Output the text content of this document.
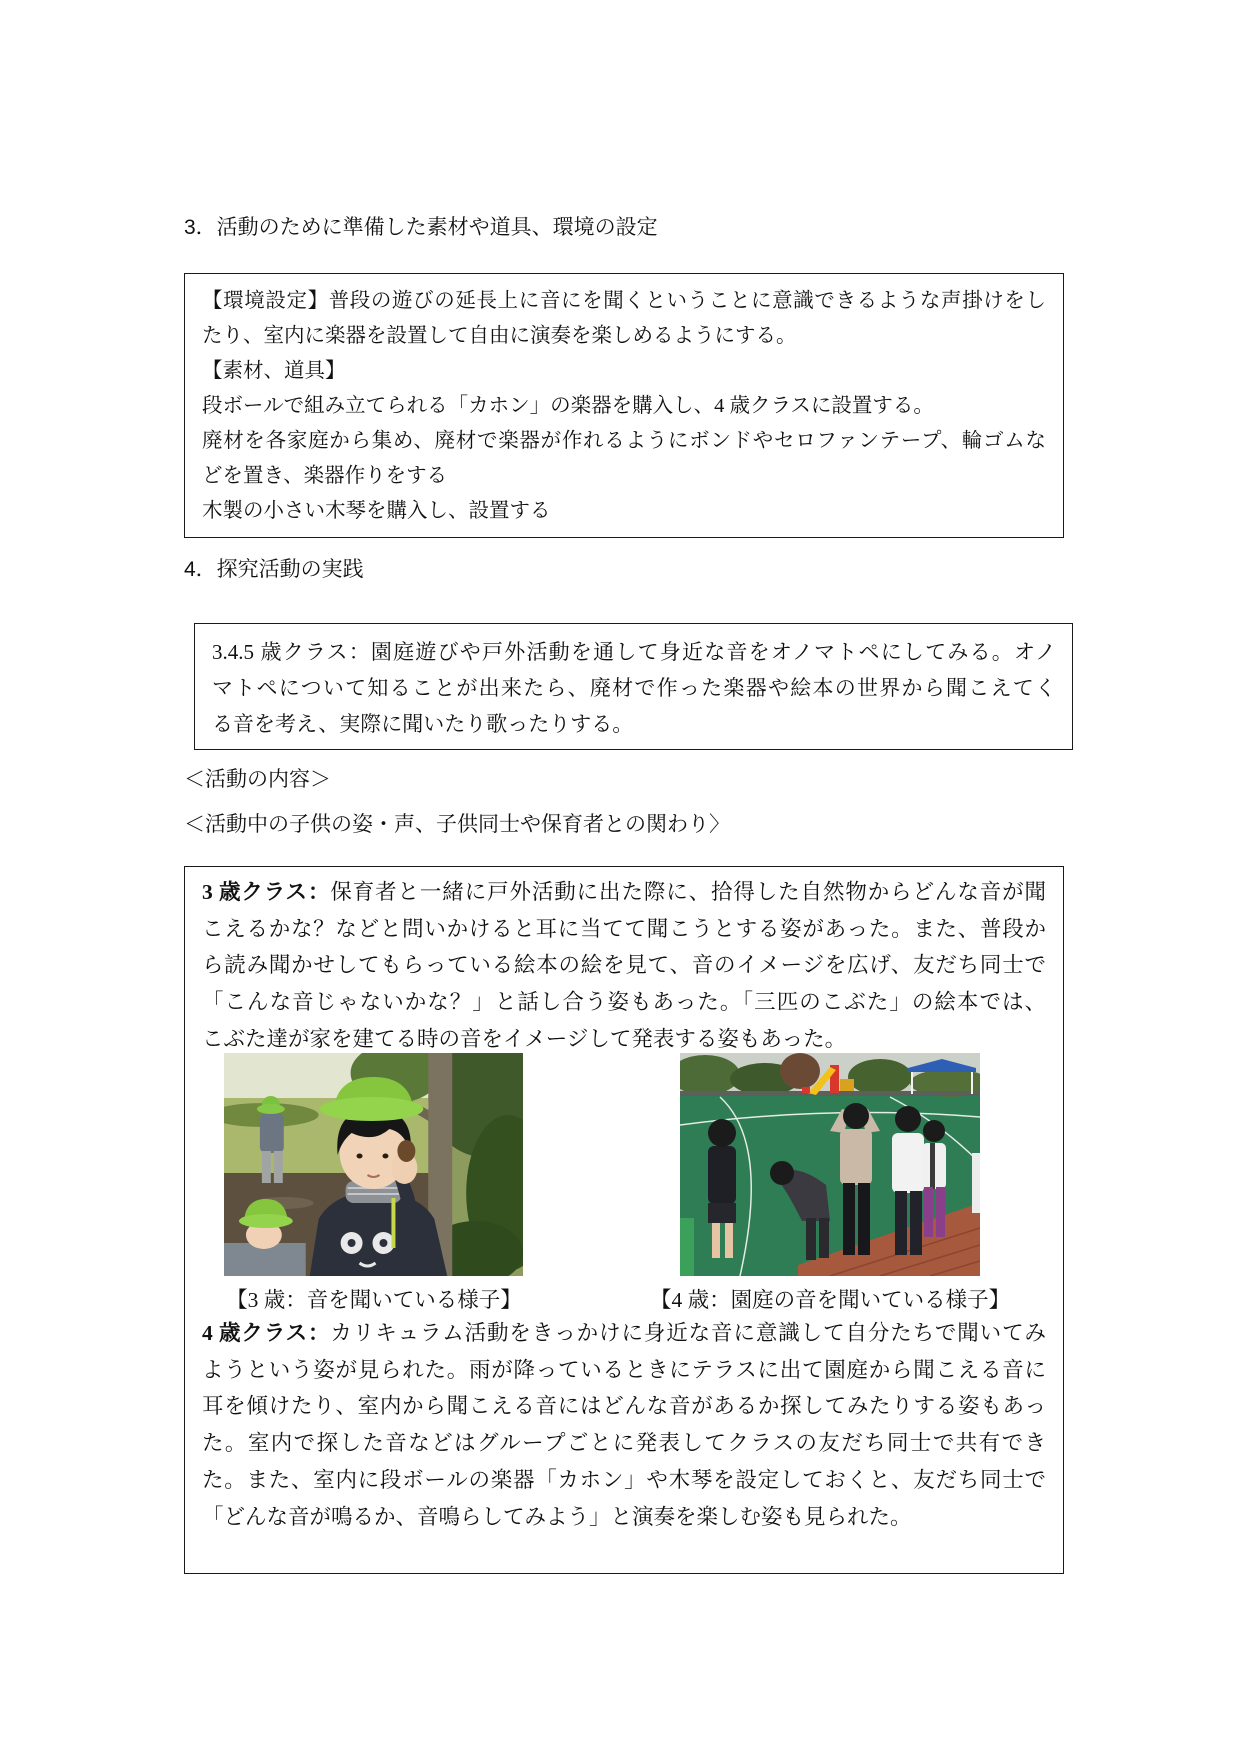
3．活動のために準備した素材や道具、環境の設定
【環境設定】普段の遊びの延長上に音にを聞くということに意識できるような声掛けをし
たり、室内に楽器を設置して自由に演奏を楽しめるようにする。
【素材、道具】
段ボールで組み立てられる「カホン」の楽器を購入し、4 歳クラスに設置する。
廃材を各家庭から集め、廃材で楽器が作れるようにボンドやセロファンテープ、輪ゴムな
どを置き、楽器作りをする
木製の小さい木琴を購入し、設置する
4．探究活動の実践
3.4.5 歳クラス：園庭遊びや戸外活動を通して身近な音をオノマトペにしてみる。オノ
マトペについて知ることが出来たら、廃材で作った楽器や絵本の世界から聞こえてく
る音を考え、実際に聞いたり歌ったりする。
＜活動の内容＞
＜活動中の子供の姿・声、子供同士や保育者との関わり〉
3 歳クラス：保育者と一緒に戸外活動に出た際に、拾得した自然物からどんな音が聞
こえるかな？などと問いかけると耳に当てて聞こうとする姿があった。また、普段か
ら読み聞かせしてもらっている絵本の絵を見て、音のイメージを広げ、友だち同士で
「こんな音じゃないかな？」と話し合う姿もあった。「三匹のこぶた」の絵本では、
こぶた達が家を建てる時の音をイメージして発表する姿もあった。
【3 歳：音を聞いている様子】	【4 歳：園庭の音を聞いている様子】
4 歳クラス：カリキュラム活動をきっかけに身近な音に意識して自分たちで聞いてみ
ようという姿が見られた。雨が降っているときにテラスに出て園庭から聞こえる音に
耳を傾けたり、室内から聞こえる音にはどんな音があるか探してみたりする姿もあっ
た。室内で探した音などはグループごとに発表してクラスの友だち同士で共有でき
た。また、室内に段ボールの楽器「カホン」や木琴を設定しておくと、友だち同士で
「どんな音が鳴るか、音鳴らしてみよう」と演奏を楽しむ姿も見られた。
